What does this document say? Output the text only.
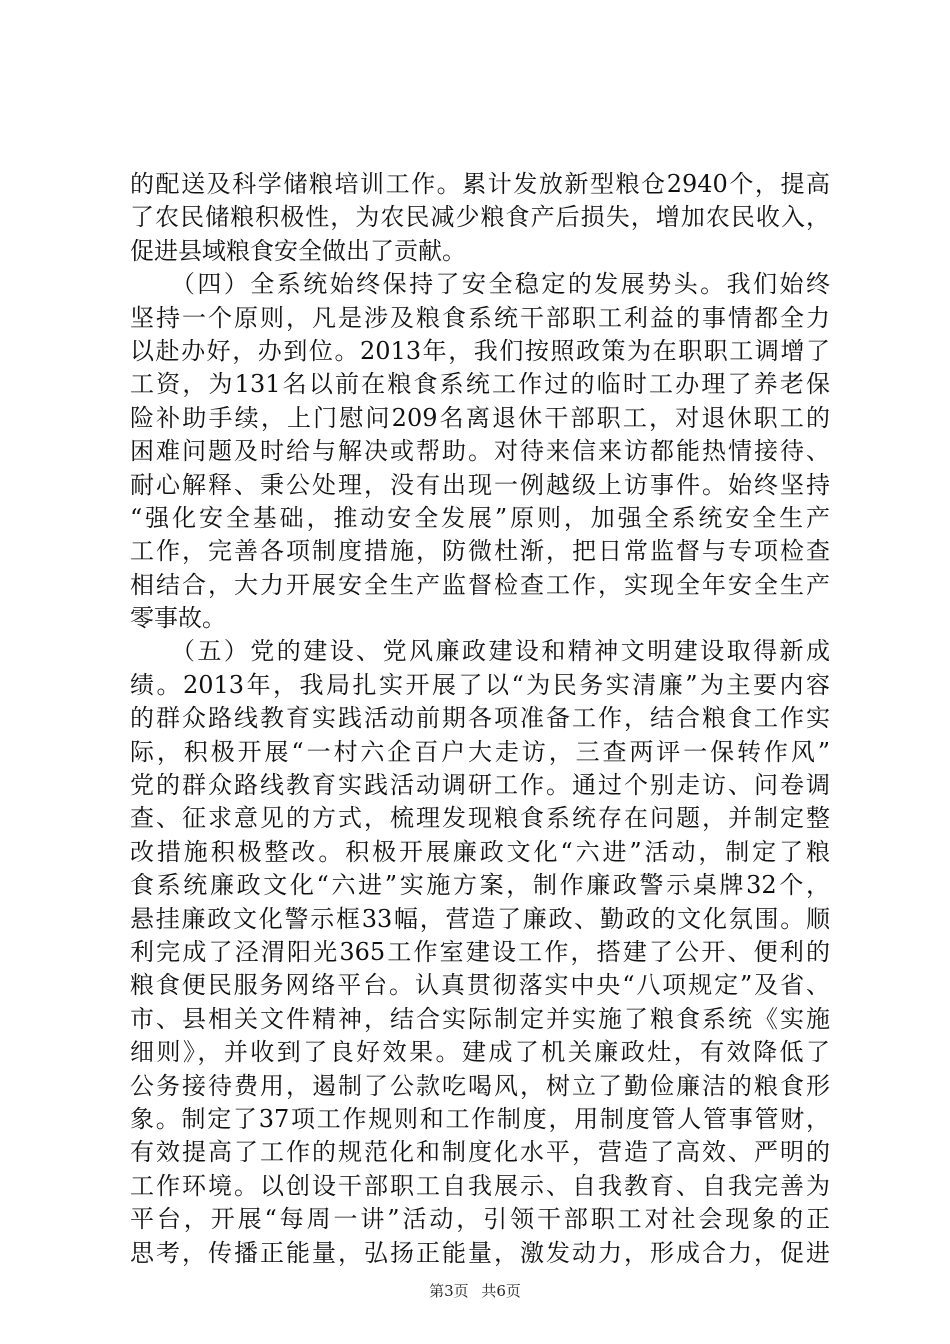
的配送及科学储粮培训工作。累计发放新型粮仓2940个，提高
了农民储粮积极性，为农民减少粮食产后损失，增加农民收入，
促进县域粮食安全做出了贡献。
　　（四）全系统始终保持了安全稳定的发展势头。我们始终
坚持一个原则，凡是涉及粮食系统干部职工利益的事情都全力
以赴办好，办到位。2013年，我们按照政策为在职职工调增了
工资，为131名以前在粮食系统工作过的临时工办理了养老保
险补助手续，上门慰问209名离退休干部职工，对退休职工的
困难问题及时给与解决或帮助。对待来信来访都能热情接待、
耐心解释、秉公处理，没有出现一例越级上访事件。始终坚持
“强化安全基础，推动安全发展”原则，加强全系统安全生产
工作，完善各项制度措施，防微杜渐，把日常监督与专项检查
相结合，大力开展安全生产监督检查工作，实现全年安全生产
零事故。
　　（五）党的建设、党风廉政建设和精神文明建设取得新成
绩。2013年，我局扎实开展了以“为民务实清廉”为主要内容
的群众路线教育实践活动前期各项准备工作，结合粮食工作实
际，积极开展“一村六企百户大走访，三查两评一保转作风”
党的群众路线教育实践活动调研工作。通过个别走访、问卷调
查、征求意见的方式，梳理发现粮食系统存在问题，并制定整
改措施积极整改。积极开展廉政文化“六进”活动，制定了粮
食系统廉政文化“六进”实施方案，制作廉政警示桌牌32个，
悬挂廉政文化警示框33幅，营造了廉政、勤政的文化氛围。顺
利完成了泾渭阳光365工作室建设工作，搭建了公开、便利的
粮食便民服务网络平台。认真贯彻落实中央“八项规定”及省、
市、县相关文件精神，结合实际制定并实施了粮食系统《实施
细则》，并收到了良好效果。建成了机关廉政灶，有效降低了
公务接待费用，遏制了公款吃喝风，树立了勤俭廉洁的粮食形
象。制定了37项工作规则和工作制度，用制度管人管事管财，
有效提高了工作的规范化和制度化水平，营造了高效、严明的
工作环境。以创设干部职工自我展示、自我教育、自我完善为
平台，开展“每周一讲”活动，引领干部职工对社会现象的正
思考，传播正能量，弘扬正能量，激发动力，形成合力，促进
第3页 共6页
